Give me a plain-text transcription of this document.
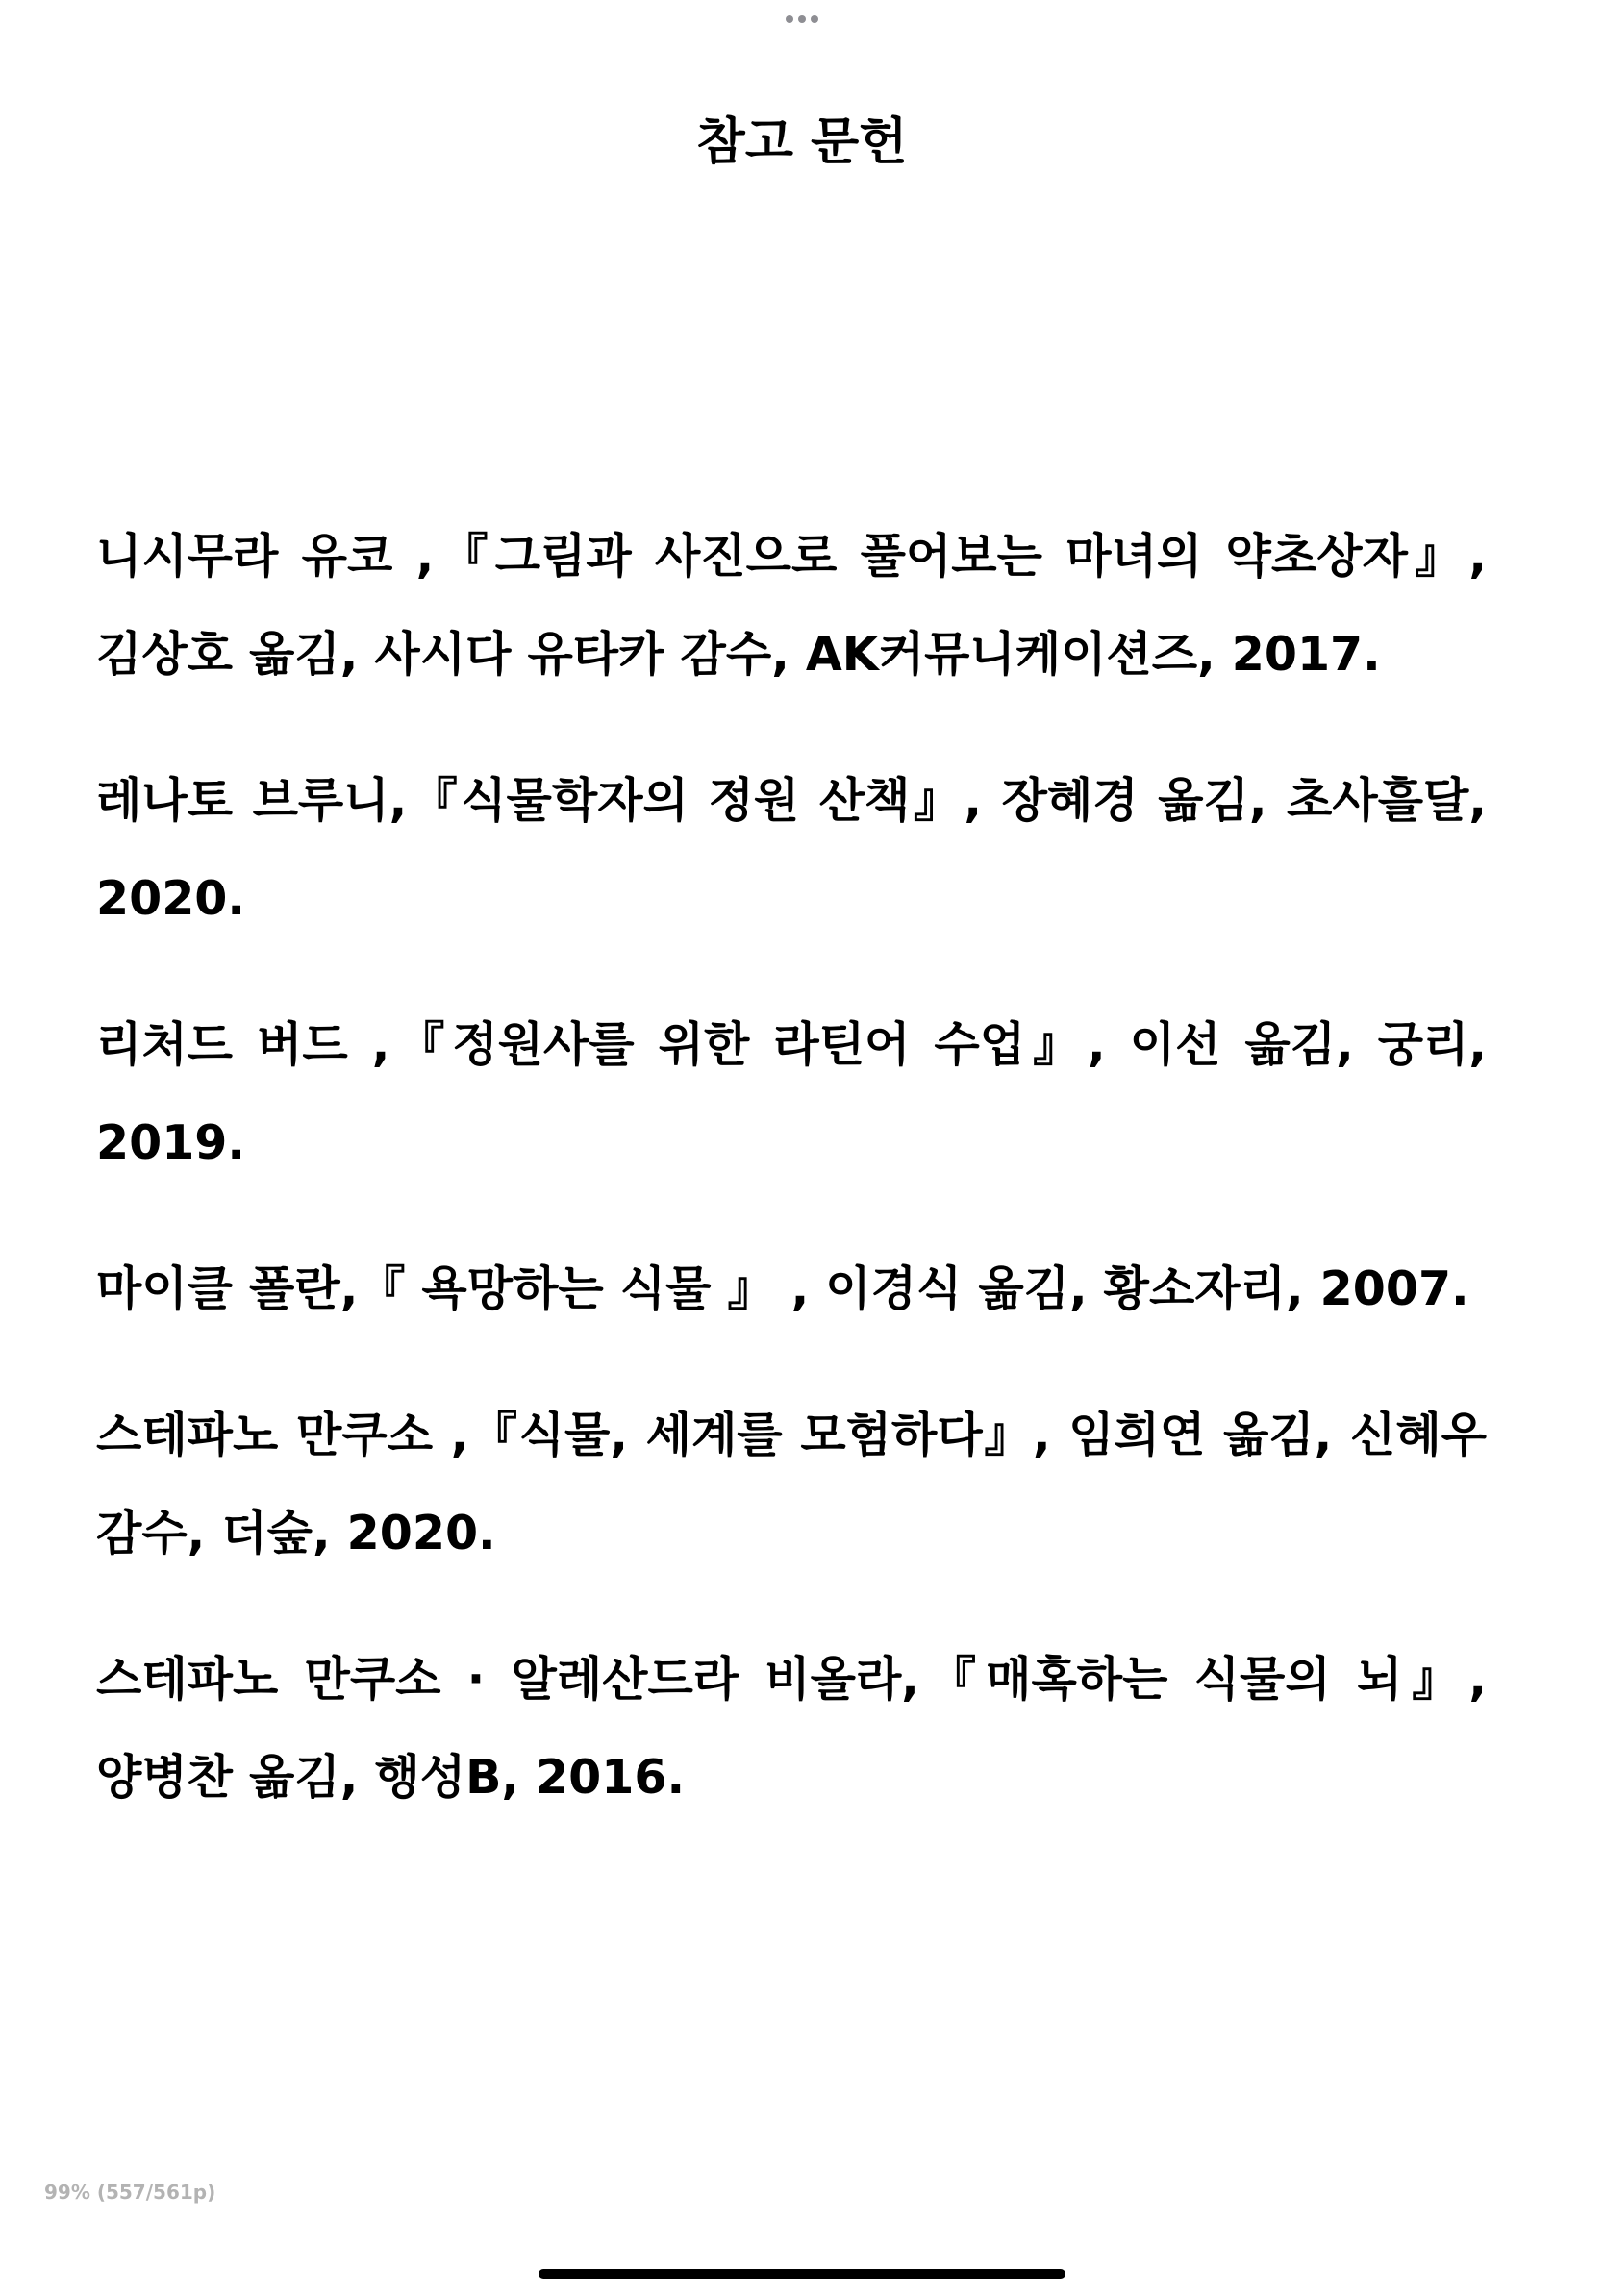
참고 문헌
니시무라 유코 ,『그림과 사진으로 풀어보는 마녀의 약초상자』, 김상호 옮김, 사시다 유타카 감수, AK커뮤니케이션즈, 2017.
레나토 브루니,『식물학자의 정원 산책』, 장혜경 옮김, 초사흘달, 2020.
리처드 버드 ,『정원사를 위한 라틴어 수업』, 이선 옮김, 궁리, 2019.
마이클 폴란,『 욕망하는 식물 』 , 이경식 옮김, 황소자리, 2007.
스테파노 만쿠소 ,『식물, 세계를 모험하다』, 임희연 옮김, 신혜우 감수, 더숲, 2020.
스테파노 만쿠소 · 알레산드라 비올라,『매혹하는 식물의 뇌』, 양병찬 옮김, 행성B, 2016.
99% (557/561p)
